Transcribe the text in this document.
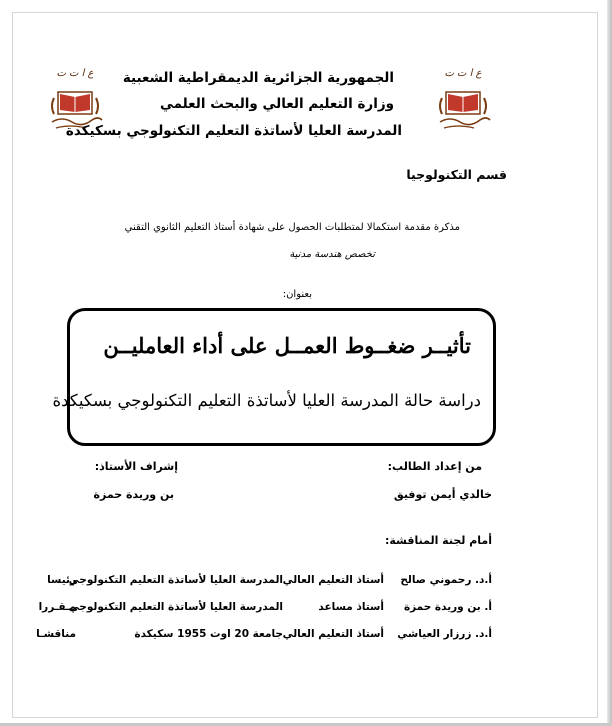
ع ا ت ت	ع ا ت ت
الجمهورية الجزائرية الديمقراطية الشعبية
وزارة التعليم العالي والبحث العلمي
المدرسة العليا لأساتذة التعليم التكنولوجي بسكيكدة
قسم التكنولوجيا
مذكرة مقدمة استكمالا لمتطلبات الحصول على شهادة أستاذ التعليم الثانوي التقني
تخصص هندسة مدنية
بعنوان:
تأثيــر ضغــوط العمــل على أداء العامليــن
دراسة حالة المدرسة العليا لأساتذة التعليم التكنولوجي بسكيكدة
من إعداد الطالب:
إشراف الأستاذ:
خالدي أيمن توفيق
بن وريدة حمزة
أمام لجنة المناقشة:
أ.د. رحموني صالح
أستاذ التعليم العالي
المدرسة العليا لأساتذة التعليم التكنولوجي
رئيسا
أ. بن وريدة حمزة
أستاذ مساعد
المدرسة العليا لأساتذة التعليم التكنولوجي
مـقـررا
أ.د. زرزار العياشي
أستاذ التعليم العالي
جامعة 20 اوت 1955 سكيكدة
مناقشـا
